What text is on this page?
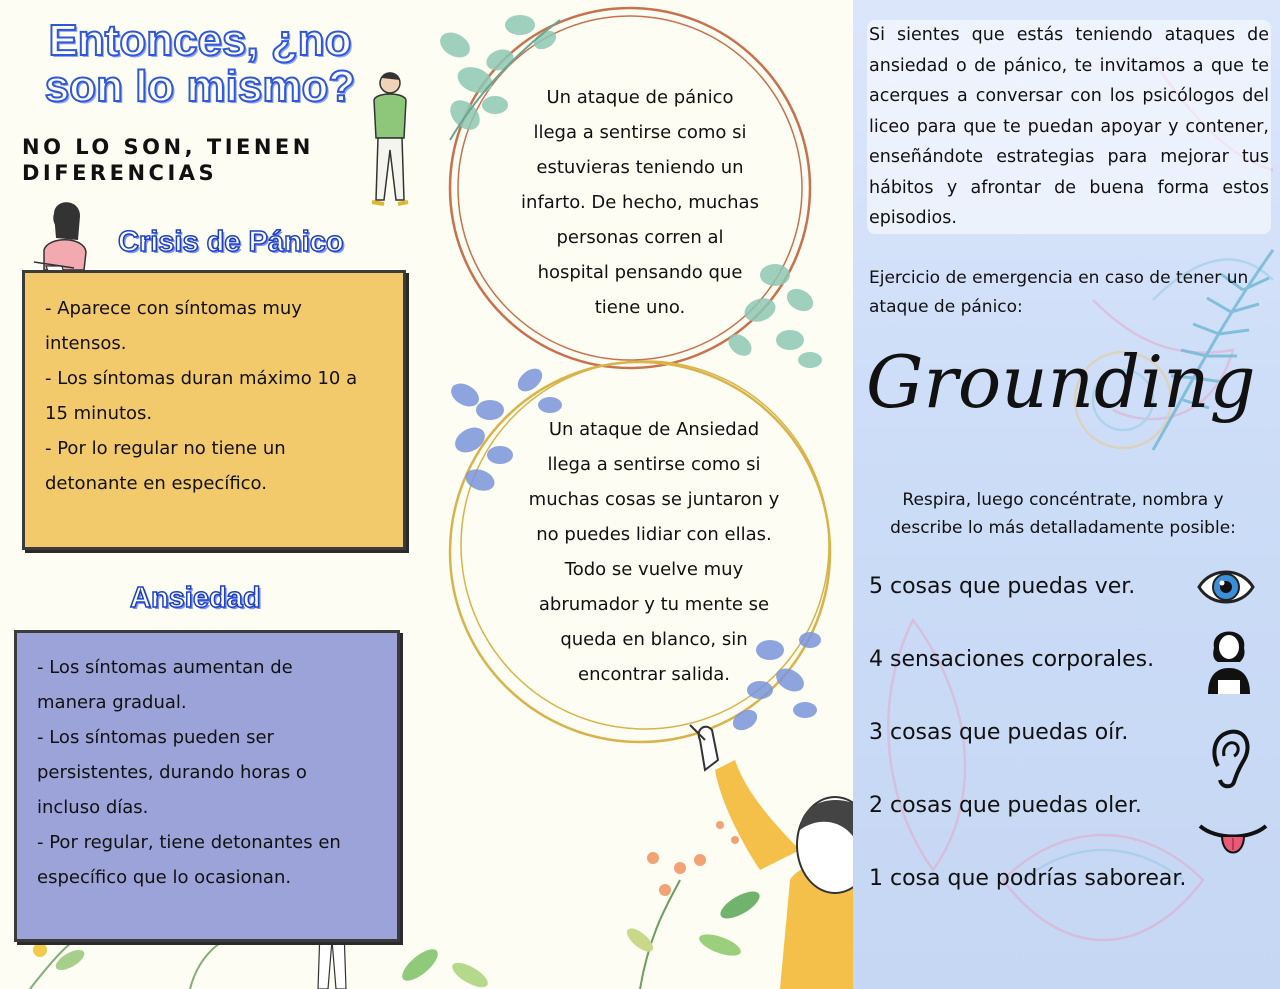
Entonces, ¿no
son lo mismo?
NO LO SON, TIENEN
DIFERENCIAS
Crisis de Pánico

- Aparece con síntomas muy

intensos.

- Los síntomas duran máximo 10 a

15 minutos.

- Por lo regular no tiene un

detonante en específico.

Ansiedad

- Los síntomas aumentan de

manera gradual.

- Los síntomas pueden ser

persistentes, durando horas o

incluso días.

- Por regular, tiene detonantes en

específico que lo ocasionan.

Un ataque de pánico
llega a sentirse como si
estuvieras teniendo un
infarto. De hecho, muchas
personas corren al
hospital pensando que
tiene uno.
Un ataque de Ansiedad
llega a sentirse como si
muchas cosas se juntaron y
no puedes lidiar con ellas.
Todo se vuelve muy
abrumador y tu mente se
queda en blanco, sin
encontrar salida.
Si sientes que estás teniendo ataques de ansiedad o de pánico, te invitamos a que te acerques a conversar con los psicólogos del liceo para que te puedan apoyar y contener, enseñándote estrategias para mejorar tus hábitos y afrontar de buena forma estos episodios.
Ejercicio de emergencia en caso de tener un ataque de pánico:
Grounding
Respira, luego concéntrate, nombra y describe lo más detalladamente posible:
5 cosas que puedas ver.
4 sensaciones corporales.
3 cosas que puedas oír.
2 cosas que puedas oler.
1 cosa que podrías saborear.
